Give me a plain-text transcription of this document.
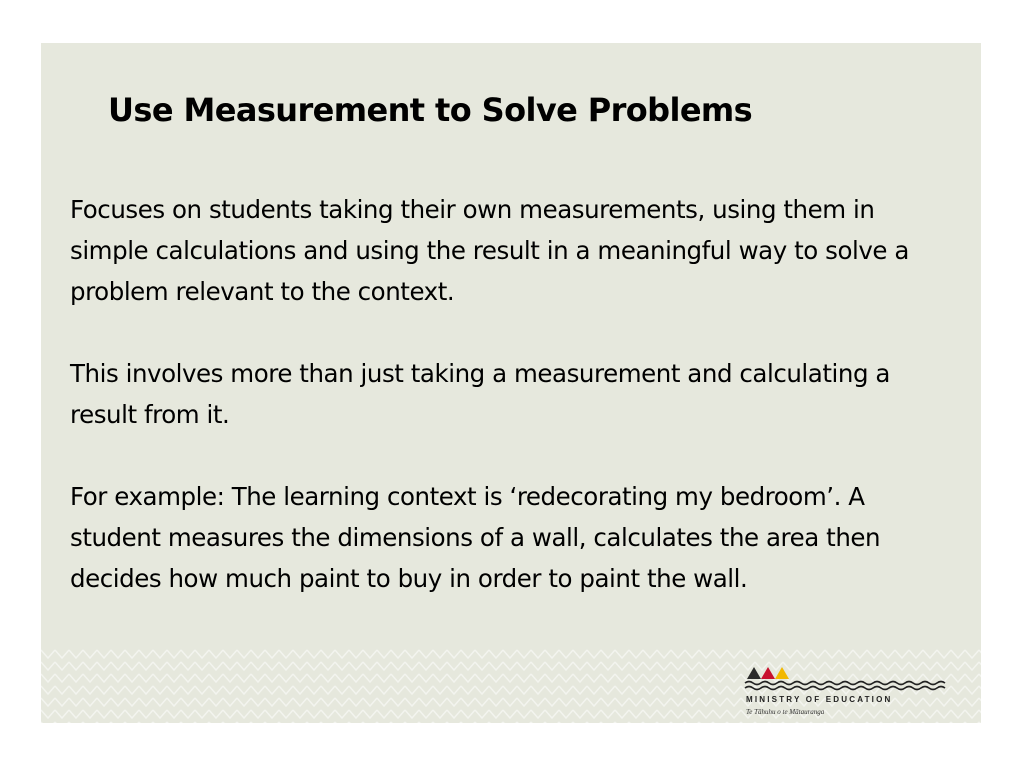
Use Measurement to Solve Problems

Focuses on students taking their own measurements, using them in simple calculations and using the result in a meaningful way to solve a problem relevant to the context.

This involves more than just taking a measurement and calculating a result from it.

For example: The learning context is ‘redecorating my bedroom’. A student measures the dimensions of a wall, calculates the area then decides how much paint to buy in order to paint the wall.

MINISTRY OF EDUCATION
Te Tāhuhu o te Mātauranga
